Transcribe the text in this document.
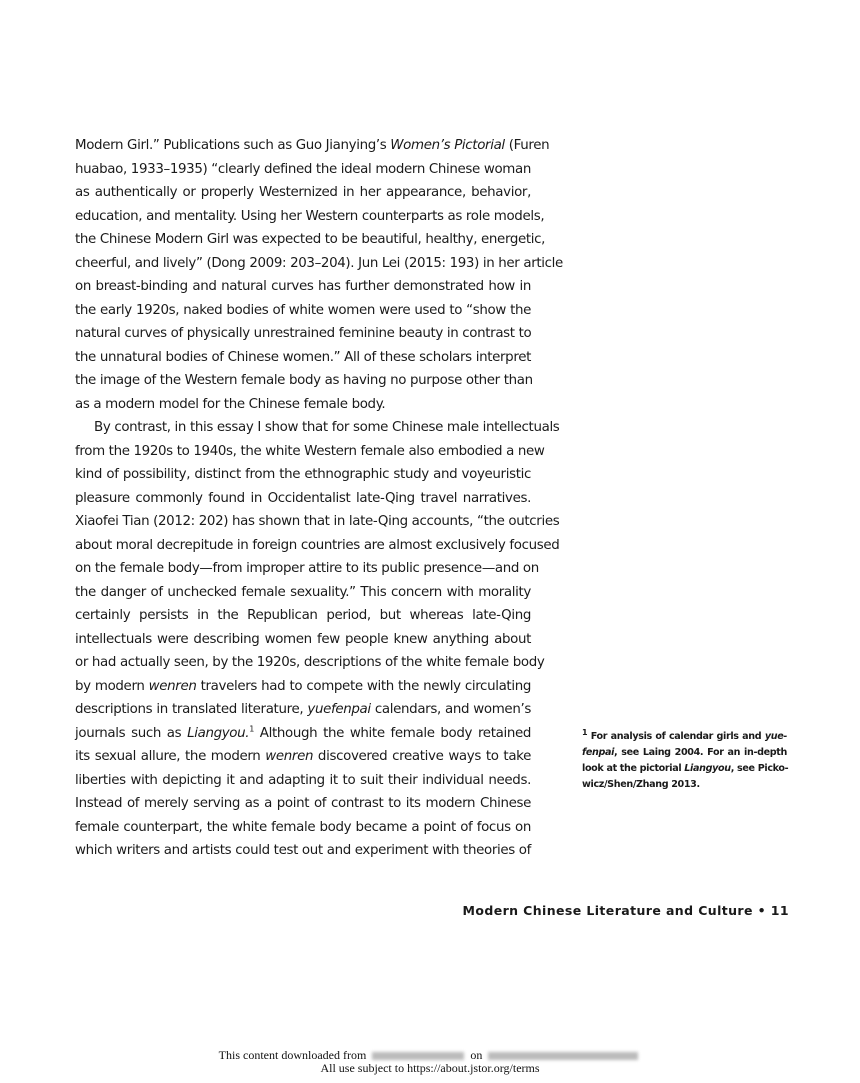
Modern Girl.” Publications such as Guo Jianying’s Women’s Pictorial (Furen
huabao, 1933–1935) “clearly defined the ideal modern Chinese woman
as authentically or properly Westernized in her appearance, behavior,
education, and mentality. Using her Western counterparts as role models,
the Chinese Modern Girl was expected to be beautiful, healthy, energetic,
cheerful, and lively” (Dong 2009: 203–204). Jun Lei (2015: 193) in her article
on breast-binding and natural curves has further demonstrated how in
the early 1920s, naked bodies of white women were used to “show the
natural curves of physically unrestrained feminine beauty in contrast to
the unnatural bodies of Chinese women.” All of these scholars interpret
the image of the Western female body as having no purpose other than
as a modern model for the Chinese female body.
By contrast, in this essay I show that for some Chinese male intellectuals
from the 1920s to 1940s, the white Western female also embodied a new
kind of possibility, distinct from the ethnographic study and voyeuristic
pleasure commonly found in Occidentalist late-Qing travel narratives.
Xiaofei Tian (2012: 202) has shown that in late-Qing accounts, “the outcries
about moral decrepitude in foreign countries are almost exclusively focused
on the female body—from improper attire to its public presence—and on
the danger of unchecked female sexuality.” This concern with morality
certainly persists in the Republican period, but whereas late-Qing
intellectuals were describing women few people knew anything about
or had actually seen, by the 1920s, descriptions of the white female body
by modern wenren travelers had to compete with the newly circulating
descriptions in translated literature, yuefenpai calendars, and women’s
journals such as Liangyou.$^1$ Although the white female body retained
its sexual allure, the modern wenren discovered creative ways to take
liberties with depicting it and adapting it to suit their individual needs.
Instead of merely serving as a point of contrast to its modern Chinese
female counterpart, the white female body became a point of focus on
which writers and artists could test out and experiment with theories of
$^1$ For analysis of calendar girls and yue-
fenpai, see Laing 2004. For an in-depth
look at the pictorial Liangyou, see Picko-
wicz/Shen/Zhang 2013.
Modern Chinese Literature and Culture • 11
This content downloaded from	on
All use subject to https://about.jstor.org/terms
